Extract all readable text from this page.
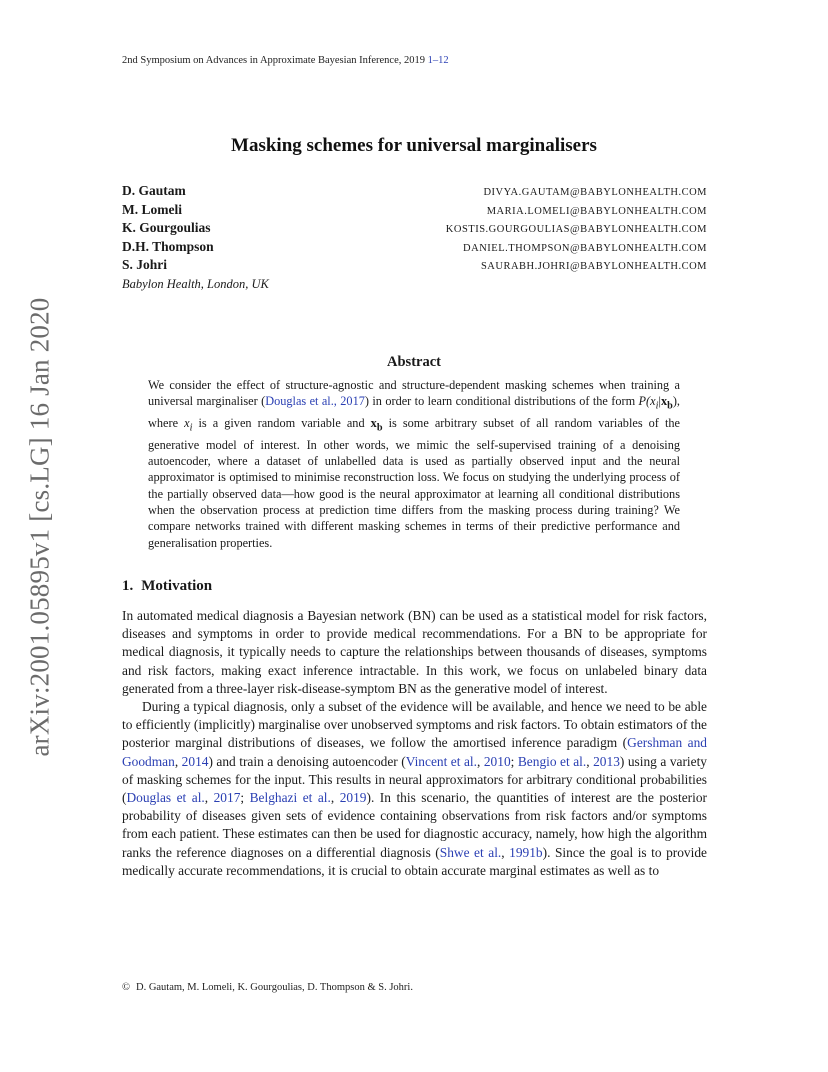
arXiv:2001.05895v1 [cs.LG] 16 Jan 2020
2nd Symposium on Advances in Approximate Bayesian Inference, 2019 1–12
Masking schemes for universal marginalisers
D. Gautam	DIVYA.GAUTAM@BABYLONHEALTH.COM
M. Lomeli	MARIA.LOMELI@BABYLONHEALTH.COM
K. Gourgoulias	KOSTIS.GOURGOULIAS@BABYLONHEALTH.COM
D.H. Thompson	DANIEL.THOMPSON@BABYLONHEALTH.COM
S. Johri	SAURABH.JOHRI@BABYLONHEALTH.COM
Babylon Health, London, UK
Abstract
We consider the effect of structure-agnostic and structure-dependent masking schemes when training a universal marginaliser (Douglas et al., 2017) in order to learn conditional distributions of the form $P(x_i|x_b)$, where $x_i$ is a given random variable and $x_b$ is some arbitrary subset of all random variables of the generative model of interest. In other words, we mimic the self-supervised training of a denoising autoencoder, where a dataset of unlabelled data is used as partially observed input and the neural approximator is optimised to minimise reconstruction loss. We focus on studying the underlying process of the partially observed data—how good is the neural approximator at learning all conditional distributions when the observation process at prediction time differs from the masking process during training? We compare networks trained with different masking schemes in terms of their predictive performance and generalisation properties.
1. Motivation

In automated medical diagnosis a Bayesian network (BN) can be used as a statistical model for risk factors, diseases and symptoms in order to provide medical recommendations. For a BN to be appropriate for medical diagnosis, it typically needs to capture the relationships between thousands of diseases, symptoms and risk factors, making exact inference intractable. In this work, we focus on unlabeled binary data generated from a three-layer risk-disease-symptom BN as the generative model of interest.

During a typical diagnosis, only a subset of the evidence will be available, and hence we need to be able to efficiently (implicitly) marginalise over unobserved symptoms and risk factors. To obtain estimators of the posterior marginal distributions of diseases, we follow the amortised inference paradigm (Gershman and Goodman, 2014) and train a denoising autoencoder (Vincent et al., 2010; Bengio et al., 2013) using a variety of masking schemes for the input. This results in neural approximators for arbitrary conditional probabilities (Douglas et al., 2017; Belghazi et al., 2019). In this scenario, the quantities of interest are the posterior probability of diseases given sets of evidence containing observations from risk factors and/or symptoms from each patient. These estimates can then be used for diagnostic accuracy, namely, how high the algorithm ranks the reference diagnoses on a differential diagnosis (Shwe et al., 1991b). Since the goal is to provide medically accurate recommendations, it is crucial to obtain accurate marginal estimates as well as to

© D. Gautam, M. Lomeli, K. Gourgoulias, D. Thompson & S. Johri.
